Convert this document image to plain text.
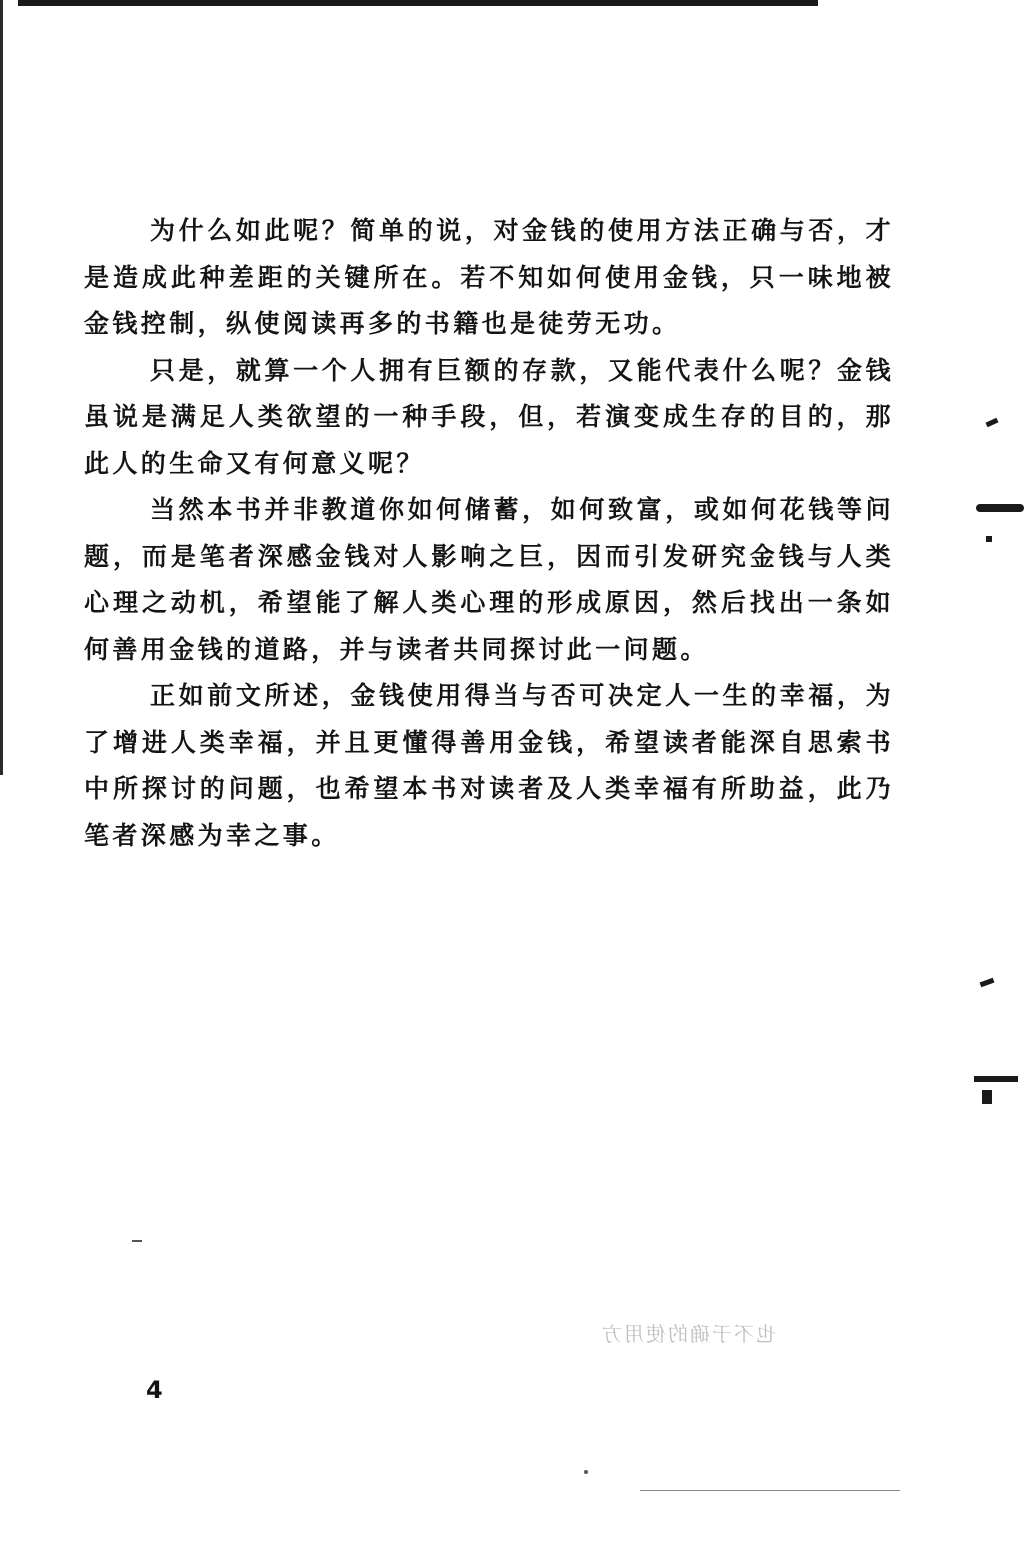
为什么如此呢？简单的说，对金钱的使用方法正确与否，才是造成此种差距的关键所在。若不知如何使用金钱，只一味地被金钱控制，纵使阅读再多的书籍也是徒劳无功。

只是，就算一个人拥有巨额的存款，又能代表什么呢？金钱虽说是满足人类欲望的一种手段，但，若演变成生存的目的，那此人的生命又有何意义呢？

当然本书并非教道你如何储蓄，如何致富，或如何花钱等问题，而是笔者深感金钱对人影响之巨，因而引发研究金钱与人类心理之动机，希望能了解人类心理的形成原因，然后找出一条如何善用金钱的道路，并与读者共同探讨此一问题。

正如前文所述，金钱使用得当与否可决定人一生的幸福，为了增进人类幸福，并且更懂得善用金钱，希望读者能深自思索书中所探讨的问题，也希望本书对读者及人类幸福有所助益，此乃笔者深感为幸之事。

也不于确的使用方
4
